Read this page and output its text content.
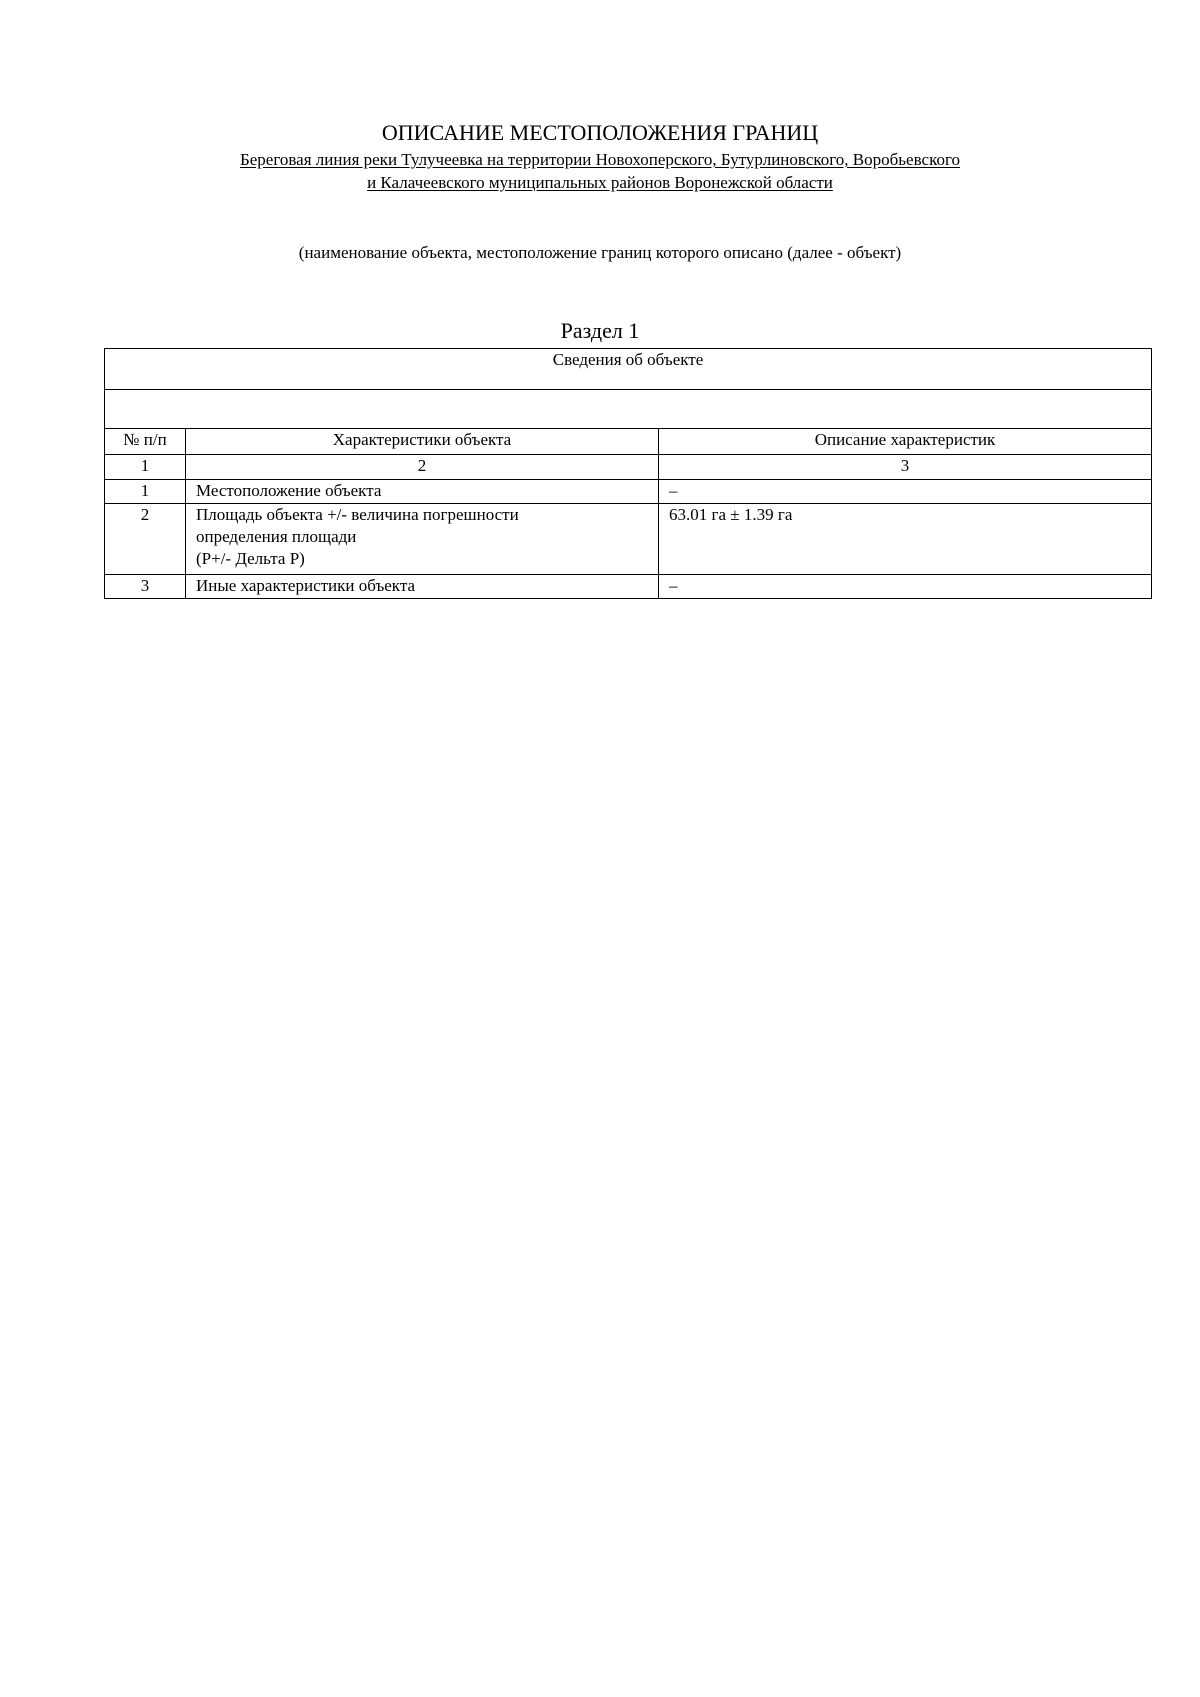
ОПИСАНИЕ МЕСТОПОЛОЖЕНИЯ ГРАНИЦ
Береговая линия реки Тулучеевка на территории Новохоперского, Бутурлиновского, Воробьевского
и Калачеевского муниципальных районов Воронежской области
(наименование объекта, местоположение границ которого описано (далее - объект)
Раздел 1
Сведения об объекте		

№ п/п	Характеристики объекта	Описание характеристик
1	2	3
1	Местоположение объекта	–
2	Площадь объекта +/- величина погрешности
определения площади
(P+/- Дельта P)	63.01 га ± 1.39 га
3	Иные характеристики объекта	–
